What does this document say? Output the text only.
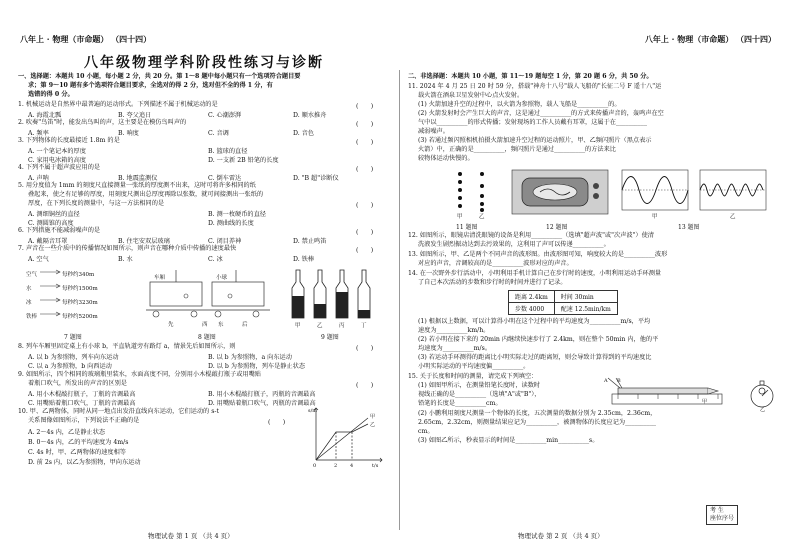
八年上 · 物理（市命题） （四十四）
八年级物理学科阶段性练习与诊断
一、选择题：本题共 10 小题，每小题 2 分，共 20 分。第 1～8 题中每小题只有一个选项符合题目要
求；第 9～10 题有多个选项符合题目要求，全选对的得 2 分，选对但不全的得 1 分，有
选错的得 0 分。
1. 机械运动是自然界中最普遍的运动形式。下列描述不属于机械运动的是	(　　)
A. 海霞北瓢	B. 夸父追日	C. 心潮澎湃	D. 顺水推舟
2. 吹奏"鸟笛"时，能发出鸟叫的声，这主要是在模仿鸟叫声的	(　　)
A. 频率	B. 响度	C. 音调	D. 音色
3. 下列物体的长度最接近 1.8m 的是	(　　)
A. 一个笔记本的厚度	B. 篮球的直径
C. 家用电冰箱的高度	D. 一支新 2B 铅笔的长度
4. 下列不属于超声波应用的是	(　　)
A. 声呐	B. 地震监测仪	C. 倒车雷达	D. "B 超"诊断仪
5. 用分度值为 1mm 的刻度尺直接测量一张纸的厚度测不出来，这时可将许多相同的纸
叠起来，使之有足够的厚度，用刻度尺测出总厚度再除以张数，就可间接测出一张纸的
厚度，在下列长度的测量中，与这一方法相同的是	(　　)
A. 测细铜丝的直径	B. 测一枚硬币的直径
C. 测圆锥的高度	D. 测曲线的长度
6. 下列措施不能减弱噪声的是	(　　)
A. 戴隔音耳罩	B. 住宅安双层玻璃	C. 闭目养神	D. 禁止鸣笛
7. 声音在一些介质中的传播情况如图所示，则声音在哪种介质中传播的速度最快	(　　)
A. 空气	B. 水	C. 冰	D. 铁棒
空气	每秒约340m
水	每秒约1500m
冰	每秒约3230m
铁棒	每秒约5200m
车厢	小球
先	西 东	后	甲	乙	丙	丁
7 题图	8 题图	9 题图
8. 列车车厢里固定桌上有小球 b，平直轨道旁有路灯 a，情景先后如图所示，则	(　　)
A. 以 b 为参照物，列车向东运动	B. 以 b 为参照物，a 向东运动
C. 以 a 为参照物，b 向西运动	D. 以 b 为参照物，列车是静止状态
9. 如图所示，四个相同的玻璃瓶里装水，水面高度不同，分别用小木棍敲打瓶子或用嘴贴
着瓶口吹气，所发出的声音的区别是	(　　)
A. 用小木棍敲打瓶子，丁瓶的音调最高	B. 用小木棍敲打瓶子，丙瓶的音调最高
C. 用嘴贴着瓶口吹气，丁瓶的音调最高	D. 用嘴贴着瓶口吹气，丙瓶的音调最高
10. 甲、乙两物体，同时从同一地点出发沿直线向东运动，它们运动的 s-t
关系图像如图所示，下列说法不正确的是	(　　)
A. 2～4s 内，乙是静止状态
B. 0～4s 内，乙的平均速度为 4m/s
C. 4s 时，甲、乙两物体的速度相等
D. 前 2s 内，以乙为参照物，甲向东运动
s/m
t/s
0	2	4
甲
乙
物理试卷 第 1 页 （共 4 页）
八年上 · 物理（市命题） （四十四）
二、非选择题：本题共 10 小题，第 11～19 题每空 1 分，第 20 题 6 分，共 50 分。
11. 2024 年 4 月 25 日 20 时 59 分，搭载"神舟十八号"载人飞船的"长征二号 F 遥十八"运
载火箭在酒泉卫星发射中心点火发射。
(1) 火箭加速升空的过程中，以火箭为参照物，载人飞船是__________的。
(2) 火箭发射时会产生巨大的声音，这是通过__________的方式来传播声音的，轰鸣声在空
气中以__________的形式传播；发射现场的工作人员戴有耳罩，这属于在__________
减弱噪声。
(3) 若通过频闪照相机拍摄火箭加速升空过程的运动照片，甲、乙频闪照片（黑点表示
火箭）中，正确的是__________，频闪照片是通过__________的方法来比
较物体运动快慢的。
甲	乙	甲	乙
11 题图	12 题图	13 题图
12. 如图所示，眼镜店清洗眼镜的设备是利用__________（选填"超声波"或"次声波"）使清
洗液发生剧烈振动达到去污效果的，这利用了声可以传递__________。
13. 如图所示，甲、乙是两个不同声音的波形图。由波形图可知，响度较大的是__________波形
对应的声音，音调较高的是__________波形对应的声音。
14. 在一次野外步行活动中，小明利用手机计算自己在步行时的速度，小明利用运动手环测量
了自己本次活动的步数和步行时的时间并进行了记录。
距离 2.4km	时间 30min
步数 4000	配速 12.5min/km
(1) 根据以上数据，可以计算得小明在这个过程中的平均速度为__________m/s，平均
速度为__________km/h。
(2) 若小明在接下来的 20min 内继续快速步行了 2.4km，则在整个 50min 内，他的平
均速度为__________m/s。
(3) 若运动手环测得的距离比小明实际走过的距离短，则会导致计算得到的平均速度比
小明实际运动的平均速度偏__________。
15. 关于长度和时间的测量，请完成下列填空：
(1) 如图甲所示，在测量铅笔长度时，读数时
视线正确的是__________（选填"A"或"B"），
铅笔的长度是__________cm。
(2) 小鹏利用刻度尺测量一个物体的长度，五次测量的数据分别为 2.35cm，2.36cm，
2.65cm，2.32cm，则测量结果应记为__________，被测物体的长度应记为__________
cm。
(3) 如图乙所示，秒表显示的时间是__________min__________s。
A B
甲
乙
考 生
座位序号
物理试卷 第 2 页 （共 4 页）
